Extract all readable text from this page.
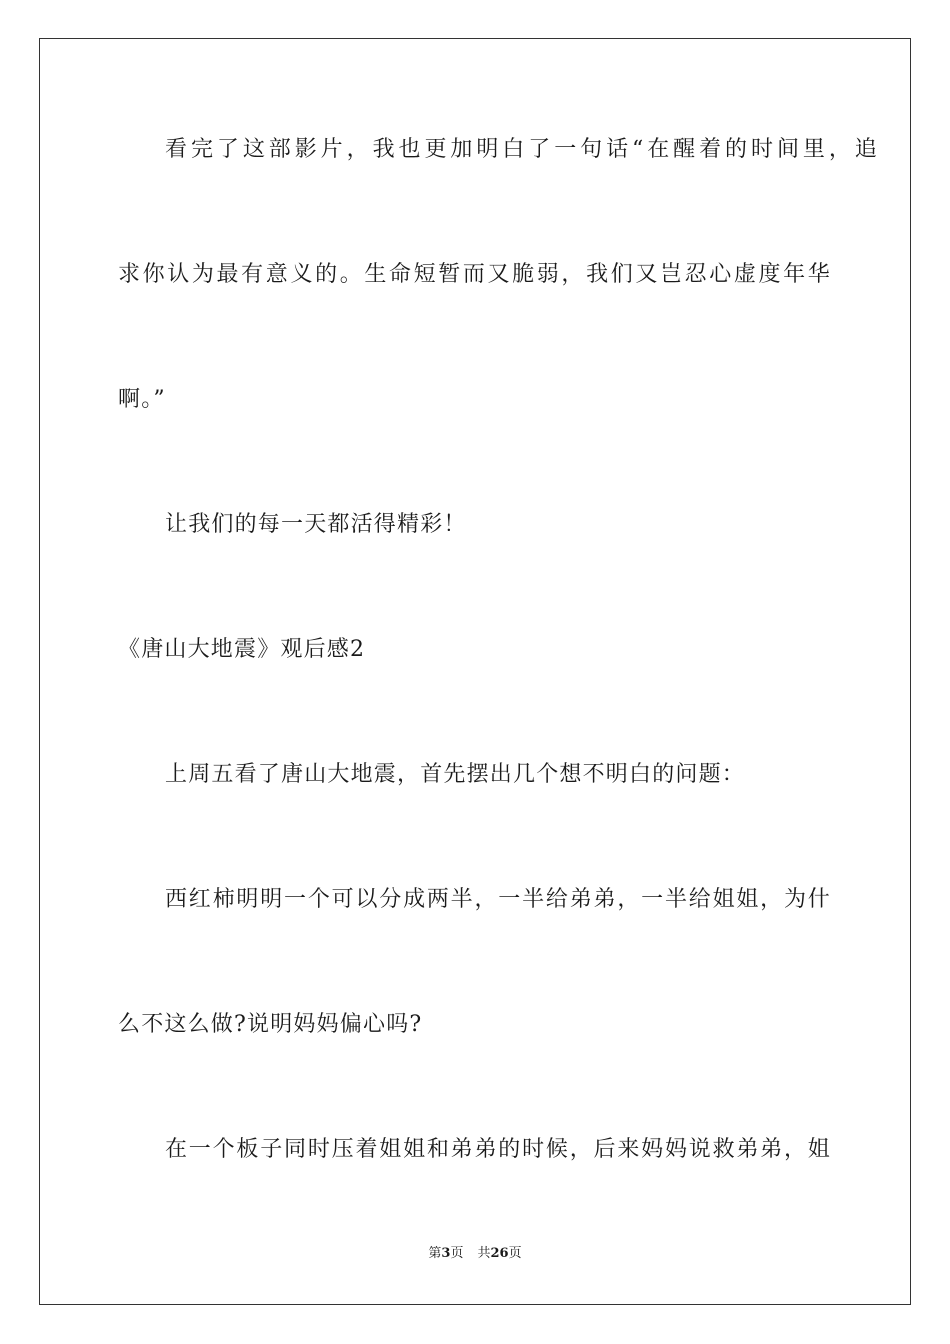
看完了这部影片，我也更加明白了一句话“在醒着的时间里，追
求你认为最有意义的。生命短暂而又脆弱，我们又岂忍心虚度年华
啊。”
让我们的每一天都活得精彩！
《唐山大地震》观后感2
上周五看了唐山大地震，首先摆出几个想不明白的问题：
西红柿明明一个可以分成两半，一半给弟弟，一半给姐姐，为什
么不这么做?说明妈妈偏心吗?
在一个板子同时压着姐姐和弟弟的时候，后来妈妈说救弟弟，姐
第3页 共26页
